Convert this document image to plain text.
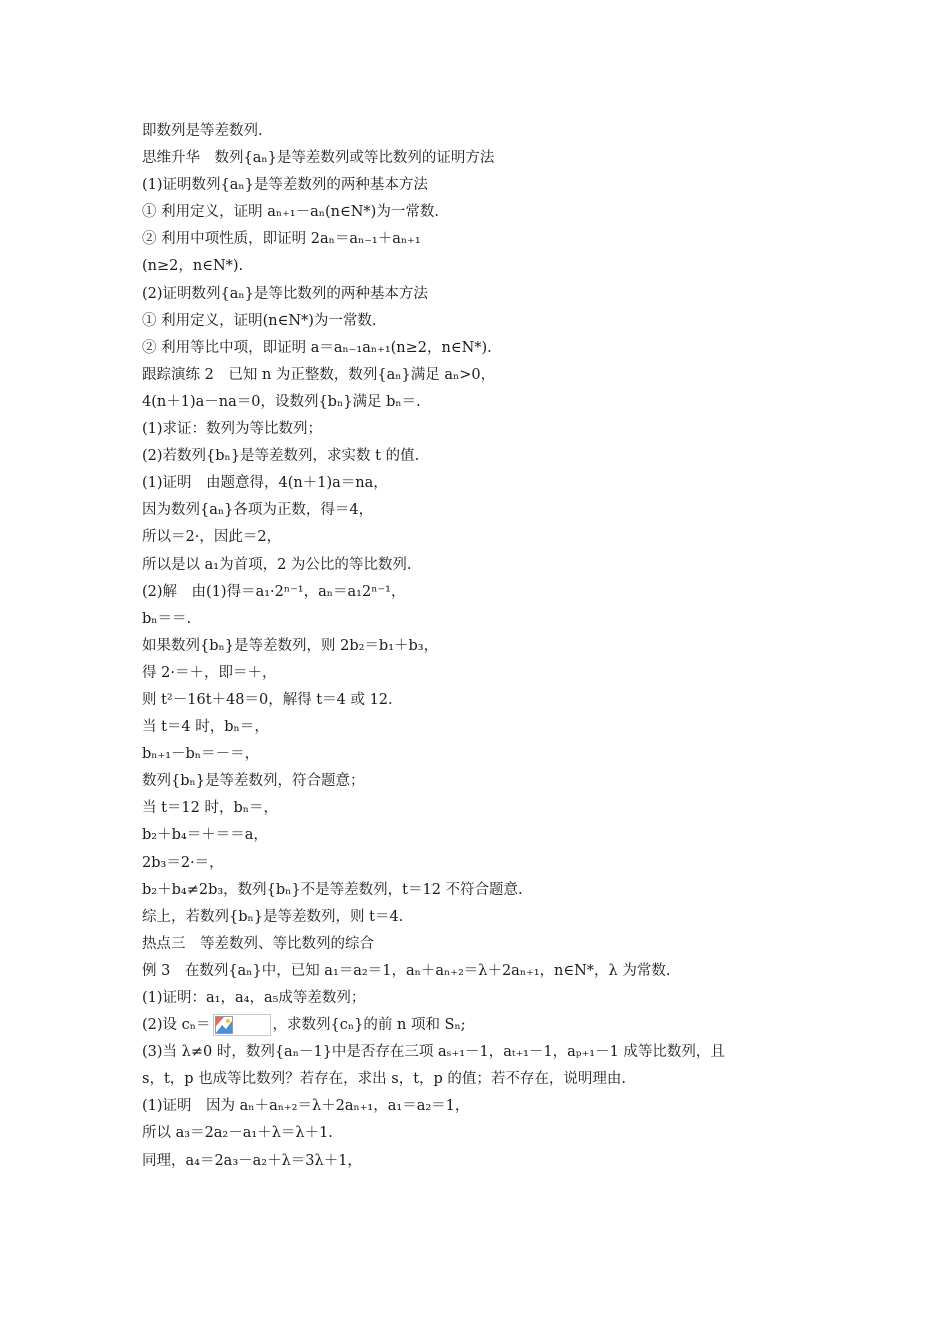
即数列是等差数列.
思维升华　数列{aₙ}是等差数列或等比数列的证明方法
(1)证明数列{aₙ}是等差数列的两种基本方法
① 利用定义，证明 aₙ₊₁－aₙ(n∈N*)为一常数.
② 利用中项性质，即证明 2aₙ＝aₙ₋₁＋aₙ₊₁
(n≥2，n∈N*).
(2)证明数列{aₙ}是等比数列的两种基本方法
① 利用定义，证明(n∈N*)为一常数.
② 利用等比中项，即证明 a＝aₙ₋₁aₙ₊₁(n≥2，n∈N*).
跟踪演练 2　已知 n 为正整数，数列{aₙ}满足 aₙ>0，
4(n＋1)a－na＝0，设数列{bₙ}满足 bₙ＝.
(1)求证：数列为等比数列；
(2)若数列{bₙ}是等差数列，求实数 t 的值.
(1)证明　由题意得，4(n＋1)a＝na，
因为数列{aₙ}各项为正数，得＝4，
所以＝2·，因此＝2，
所以是以 a₁为首项，2 为公比的等比数列.
(2)解　由(1)得＝a₁·2ⁿ⁻¹，aₙ＝a₁2ⁿ⁻¹，
bₙ＝＝.
如果数列{bₙ}是等差数列，则 2b₂＝b₁＋b₃，
得 2·＝＋，即＝＋，
则 t²－16t＋48＝0，解得 t＝4 或 12.
当 t＝4 时，bₙ＝，
bₙ₊₁－bₙ＝－＝，
数列{bₙ}是等差数列，符合题意；
当 t＝12 时，bₙ＝，
b₂＋b₄＝＋＝＝a，
2b₃＝2·＝，
b₂＋b₄≠2b₃，数列{bₙ}不是等差数列，t＝12 不符合题意.
综上，若数列{bₙ}是等差数列，则 t＝4.
热点三　等差数列、等比数列的综合
例 3　在数列{aₙ}中，已知 a₁＝a₂＝1，aₙ＋aₙ₊₂＝λ＋2aₙ₊₁，n∈N*，λ 为常数.
(1)证明：a₁，a₄，a₅成等差数列；
(2)设 cₙ＝	，求数列{cₙ}的前 n 项和 Sₙ;
(3)当 λ≠0 时，数列{aₙ－1}中是否存在三项 aₛ₊₁－1，aₜ₊₁－1，aₚ₊₁－1 成等比数列，且
s，t，p 也成等比数列？若存在，求出 s，t，p 的值；若不存在，说明理由.
(1)证明　因为 aₙ＋aₙ₊₂＝λ＋2aₙ₊₁，a₁＝a₂＝1，
所以 a₃＝2a₂－a₁＋λ＝λ＋1.
同理，a₄＝2a₃－a₂＋λ＝3λ＋1，
